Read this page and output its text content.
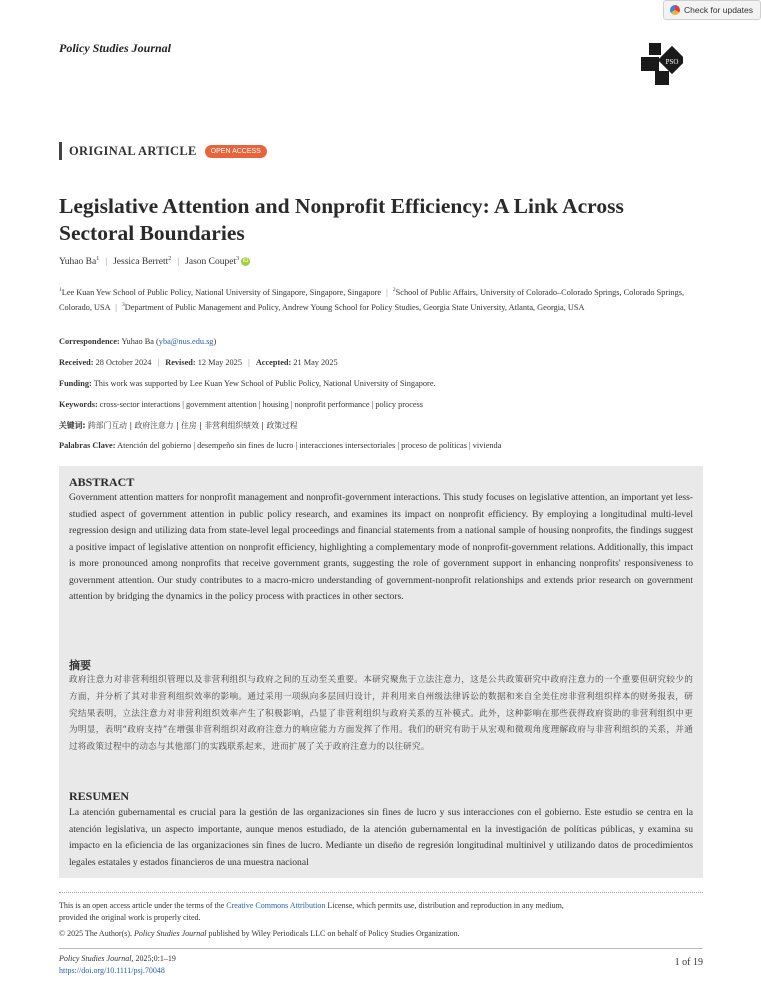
Check for updates
Policy Studies Journal
PSO
ORIGINAL ARTICLE	OPEN ACCESS
Legislative Attention and Nonprofit Efficiency: A Link Across Sectoral Boundaries
Yuhao Ba$^1$ | Jessica Berrett$^2$ | Jason Coupet$^3$ iD
$^1$Lee Kuan Yew School of Public Policy, National University of Singapore, Singapore, Singapore | $^2$School of Public Affairs, University of Colorado–Colorado Springs, Colorado Springs, Colorado, USA | $^3$Department of Public Management and Policy, Andrew Young School for Policy Studies, Georgia State University, Atlanta, Georgia, USA
Correspondence: Yuhao Ba (yba@nus.edu.sg)
Received: 28 October 2024 | Revised: 12 May 2025 | Accepted: 21 May 2025
Funding: This work was supported by Lee Kuan Yew School of Public Policy, National University of Singapore.
Keywords: cross-sector interactions | government attention | housing | nonprofit performance | policy process
关键词: 跨部门互动 | 政府注意力 | 住房 | 非营利组织绩效 | 政策过程
Palabras Clave: Atención del gobierno | desempeño sin fines de lucro | interacciones intersectoriales | proceso de políticas | vivienda
ABSTRACT
Government attention matters for nonprofit management and nonprofit-government interactions. This study focuses on legislative attention, an important yet less-studied aspect of government attention in public policy research, and examines its impact on nonprofit efficiency. By employing a longitudinal multi-level regression design and utilizing data from state-level legal proceedings and financial statements from a national sample of housing nonprofits, the findings suggest a positive impact of legislative attention on nonprofit efficiency, highlighting a complementary mode of nonprofit-government relations. Additionally, this impact is more pronounced among nonprofits that receive government grants, suggesting the role of government support in enhancing nonprofits' responsiveness to government attention. Our study contributes to a macro-micro understanding of government-nonprofit relationships and extends prior research on government attention by bridging the dynamics in the policy process with practices in other sectors.
摘要
政府注意力对非营利组织管理以及非营利组织与政府之间的互动至关重要。本研究聚焦于立法注意力，这是公共政策研究中政府注意力的一个重要但研究较少的方面，并分析了其对非营利组织效率的影响。通过采用一项纵向多层回归设计，并利用来自州级法律诉讼的数据和来自全美住房非营利组织样本的财务报表，研究结果表明，立法注意力对非营利组织效率产生了积极影响，凸显了非营利组织与政府关系的互补模式。此外，这种影响在那些获得政府资助的非营利组织中更为明显，表明“政府支持”在增强非营利组织对政府注意力的响应能力方面发挥了作用。我们的研究有助于从宏观和微观角度理解政府与非营利组织的关系，并通过将政策过程中的动态与其他部门的实践联系起来，进而扩展了关于政府注意力的以往研究。
RESUMEN
La atención gubernamental es crucial para la gestión de las organizaciones sin fines de lucro y sus interacciones con el gobierno. Este estudio se centra en la atención legislativa, un aspecto importante, aunque menos estudiado, de la atención gubernamental en la investigación de políticas públicas, y examina su impacto en la eficiencia de las organizaciones sin fines de lucro. Mediante un diseño de regresión longitudinal multinivel y utilizando datos de procedimientos legales estatales y estados financieros de una muestra nacional
This is an open access article under the terms of the Creative Commons Attribution License, which permits use, distribution and reproduction in any medium,
provided the original work is properly cited.
© 2025 The Author(s). Policy Studies Journal published by Wiley Periodicals LLC on behalf of Policy Studies Organization.
Policy Studies Journal, 2025;0:1–19
https://doi.org/10.1111/psj.70048
1 of 19
